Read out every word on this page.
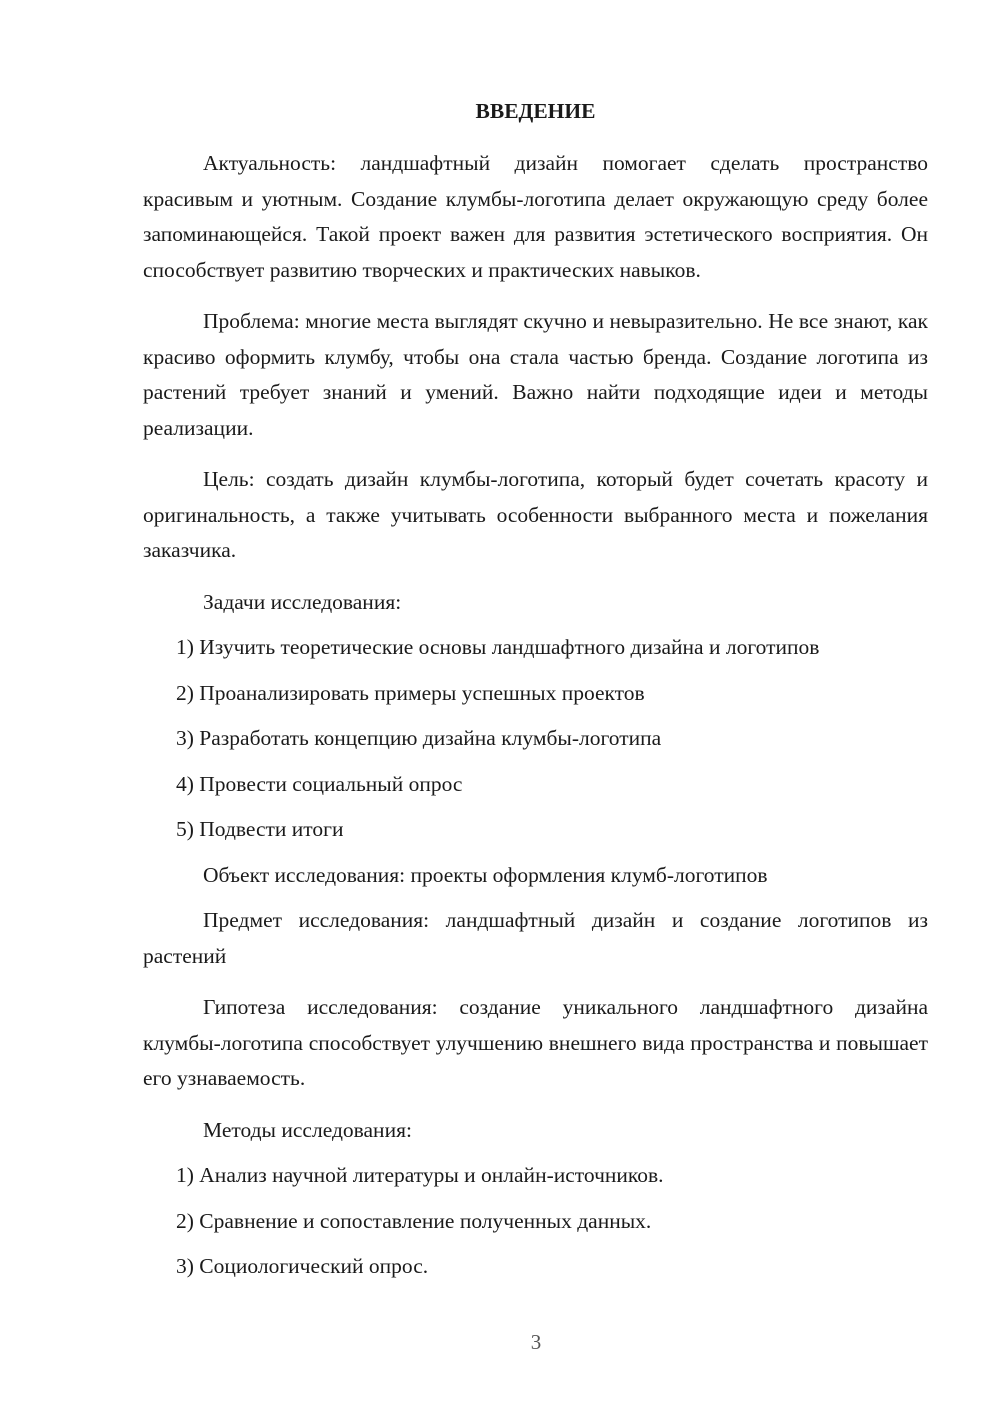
ВВЕДЕНИЕ

Актуальность: ландшафтный дизайн помогает сделать пространство красивым и уютным. Создание клумбы-логотипа делает окружающую среду более запоминающейся. Такой проект важен для развития эстетического восприятия. Он способствует развитию творческих и практических навыков.

Проблема: многие места выглядят скучно и невыразительно. Не все знают, как красиво оформить клумбу, чтобы она стала частью бренда. Создание логотипа из растений требует знаний и умений. Важно найти подходящие идеи и методы реализации.

Цель: создать дизайн клумбы-логотипа, который будет сочетать красоту и оригинальность, а также учитывать особенности выбранного места и пожелания заказчика.

Задачи исследования:
1) Изучить теоретические основы ландшафтного дизайна и логотипов
2) Проанализировать примеры успешных проектов
3) Разработать концепцию дизайна клумбы-логотипа
4) Провести социальный опрос
5) Подвести итоги

Объект исследования: проекты оформления клумб-логотипов

Предмет исследования: ландшафтный дизайн и создание логотипов из растений

Гипотеза исследования: создание уникального ландшафтного дизайна клумбы-логотипа способствует улучшению внешнего вида пространства и повышает его узнаваемость.

Методы исследования:
1) Анализ научной литературы и онлайн-источников.
2) Сравнение и сопоставление полученных данных.
3) Социологический опрос.
3
